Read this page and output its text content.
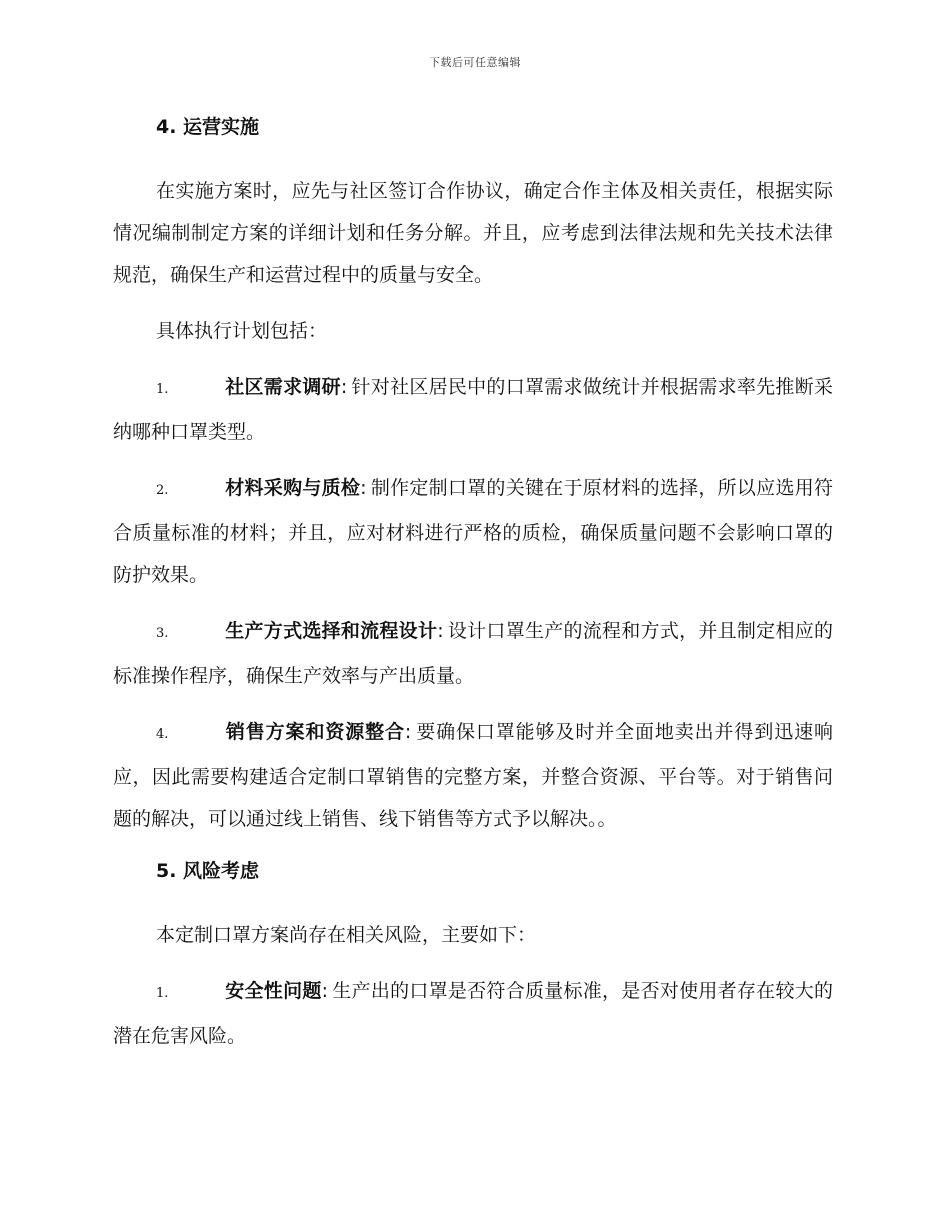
下载后可任意编辑
4. 运营实施

在实施方案时，应先与社区签订合作协议，确定合作主体及相关责任，根据实际情况编制制定方案的详细计划和任务分解。并且，应考虑到法律法规和先关技术法律规范，确保生产和运营过程中的质量与安全。

具体执行计划包括：

1.	社区需求调研: 针对社区居民中的口罩需求做统计并根据需求率先推断采纳哪种口罩类型。

2.	材料采购与质检: 制作定制口罩的关键在于原材料的选择，所以应选用符合质量标准的材料；并且，应对材料进行严格的质检，确保质量问题不会影响口罩的防护效果。

3.	生产方式选择和流程设计: 设计口罩生产的流程和方式，并且制定相应的标准操作程序，确保生产效率与产出质量。

4.	销售方案和资源整合: 要确保口罩能够及时并全面地卖出并得到迅速响应，因此需要构建适合定制口罩销售的完整方案，并整合资源、平台等。对于销售问题的解决，可以通过线上销售、线下销售等方式予以解决。。

5. 风险考虑

本定制口罩方案尚存在相关风险，主要如下：

1.	安全性问题: 生产出的口罩是否符合质量标准，是否对使用者存在较大的潜在危害风险。
